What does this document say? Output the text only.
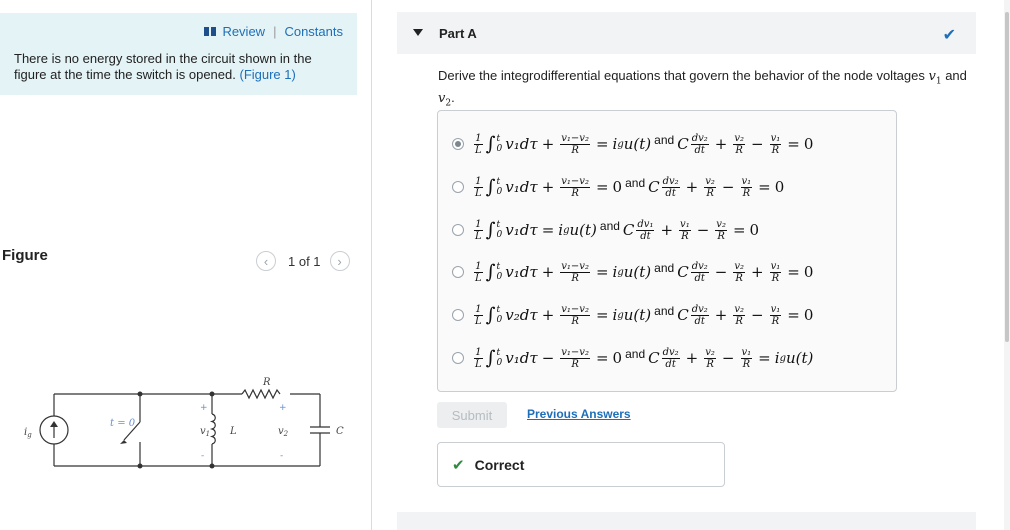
Review | Constants
There is no energy stored in the circuit shown in the figure at the time the switch is opened. (Figure 1)
Figure	‹	1 of 1	›
$i_g$
t = 0
$v_1$ L
R
$v_2$	C
+
-
+
-
Part A	✔
Derive the integrodifferential equations that govern the behavior of the node voltages $v_1$ and $v_2$.
$\frac{1}{L}$ ∫ t
0 v₁ $d\tau + \frac{\text{v₁−v₂}}{R} = i$ g u(t) and C $\frac{\text{dv₂}}{dt} + \frac{\text{v₂}}{R} - \frac{\text{v₁}}{R} = 0$
$\frac{1}{L}$ ∫ t
0 v₁ $d\tau + \frac{\text{v₁−v₂}}{R} = 0$ and C $\frac{\text{dv₂}}{dt} + \frac{\text{v₂}}{R} - \frac{\text{v₁}}{R} = 0$
$\frac{1}{L}$ ∫ t
0 v₁ dτ = i g u(t) and C $\frac{\text{dv₁}}{dt} + \frac{\text{v₁}}{R} - \frac{\text{v₂}}{R} = 0$
$\frac{1}{L}$ ∫ t
0 v₁ $d\tau + \frac{\text{v₁−v₂}}{R} = i$ g u(t) and C $\frac{\text{dv₂}}{dt} - \frac{\text{v₂}}{R} + \frac{\text{v₁}}{R} = 0$
$\frac{1}{L}$ ∫ t
0 v₂ $d\tau + \frac{\text{v₁−v₂}}{R} = i$ g u(t) and C $\frac{\text{dv₂}}{dt} + \frac{\text{v₂}}{R} - \frac{\text{v₁}}{R} = 0$
$\frac{1}{L}$ ∫ t
0 v₁ $d\tau - \frac{\text{v₁−v₂}}{R} = 0$ and C $\frac{\text{dv₂}}{dt} + \frac{\text{v₂}}{R} - \frac{\text{v₁}}{R} = i$ g u(t)
Submit	Previous Answers
✔ Correct
